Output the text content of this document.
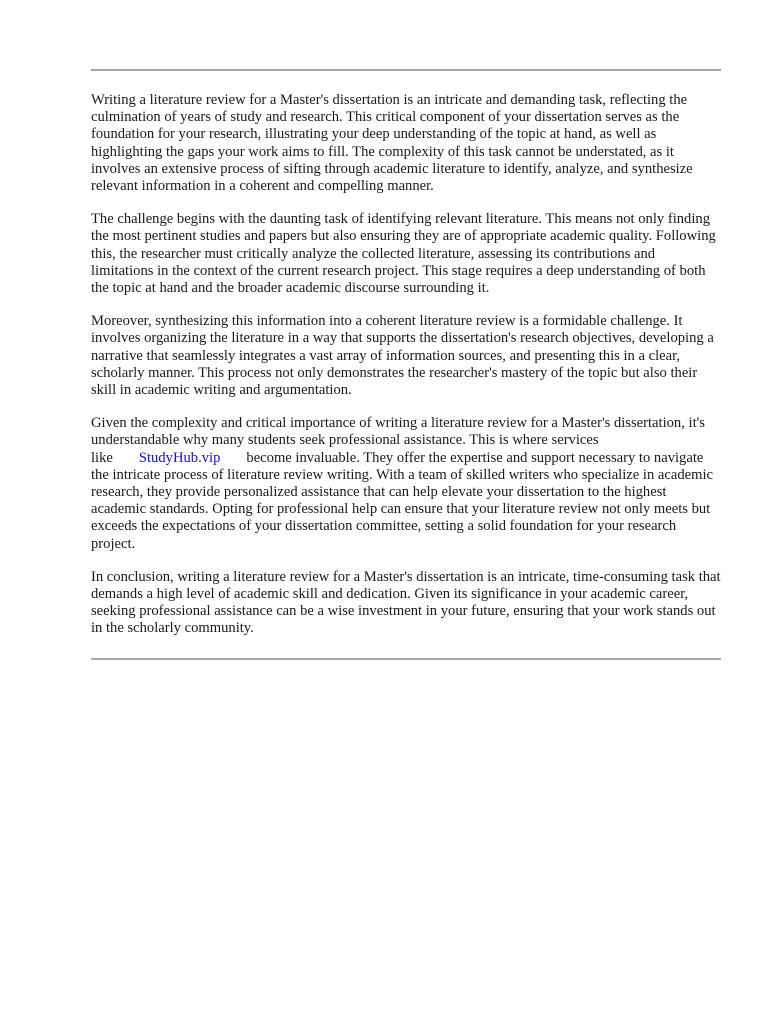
Writing a literature review for a Master's dissertation is an intricate and demanding task, reflecting the culmination of years of study and research. This critical component of your dissertation serves as the foundation for your research, illustrating your deep understanding of the topic at hand, as well as highlighting the gaps your work aims to fill. The complexity of this task cannot be understated, as it involves an extensive process of sifting through academic literature to identify, analyze, and synthesize relevant information in a coherent and compelling manner.

The challenge begins with the daunting task of identifying relevant literature. This means not only finding the most pertinent studies and papers but also ensuring they are of appropriate academic quality. Following this, the researcher must critically analyze the collected literature, assessing its contributions and limitations in the context of the current research project. This stage requires a deep understanding of both the topic at hand and the broader academic discourse surrounding it.

Moreover, synthesizing this information into a coherent literature review is a formidable challenge. It involves organizing the literature in a way that supports the dissertation's research objectives, developing a narrative that seamlessly integrates a vast array of information sources, and presenting this in a clear, scholarly manner. This process not only demonstrates the researcher's mastery of the topic but also their skill in academic writing and argumentation.

Given the complexity and critical importance of writing a literature review for a Master's dissertation, it's understandable why many students seek professional assistance. This is where services like StudyHub.vip become invaluable. They offer the expertise and support necessary to navigate the intricate process of literature review writing. With a team of skilled writers who specialize in academic research, they provide personalized assistance that can help elevate your dissertation to the highest academic standards. Opting for professional help can ensure that your literature review not only meets but exceeds the expectations of your dissertation committee, setting a solid foundation for your research project.

In conclusion, writing a literature review for a Master's dissertation is an intricate, time-consuming task that demands a high level of academic skill and dedication. Given its significance in your academic career, seeking professional assistance can be a wise investment in your future, ensuring that your work stands out in the scholarly community.
